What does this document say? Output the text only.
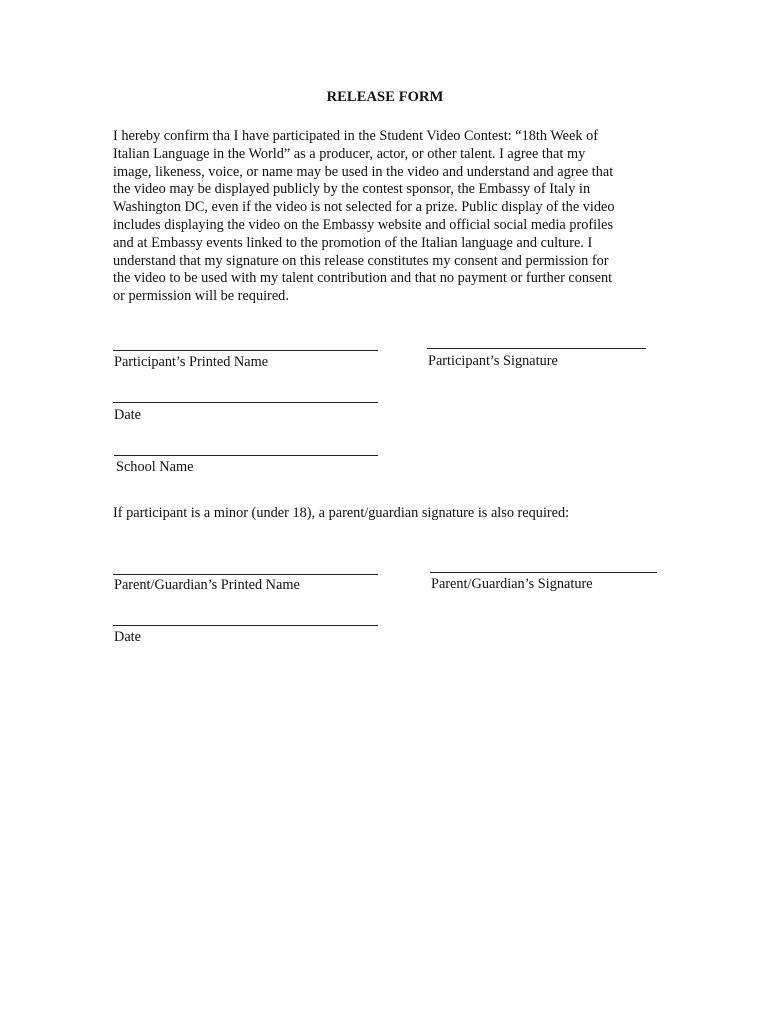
RELEASE FORM
I hereby confirm tha I have participated in the Student Video Contest: “18th Week of
Italian Language in the World” as a producer, actor, or other talent. I agree that my
image, likeness, voice, or name may be used in the video and understand and agree that
the video may be displayed publicly by the contest sponsor, the Embassy of Italy in
Washington DC, even if the video is not selected for a prize. Public display of the video
includes displaying the video on the Embassy website and official social media profiles
and at Embassy events linked to the promotion of the Italian language and culture. I
understand that my signature on this release constitutes my consent and permission for
the video to be used with my talent contribution and that no payment or further consent
or permission will be required.
Participant’s Printed Name	Participant’s Signature
Date
School Name
If participant is a minor (under 18), a parent/guardian signature is also required:
Parent/Guardian’s Printed Name	Parent/Guardian’s Signature
Date
